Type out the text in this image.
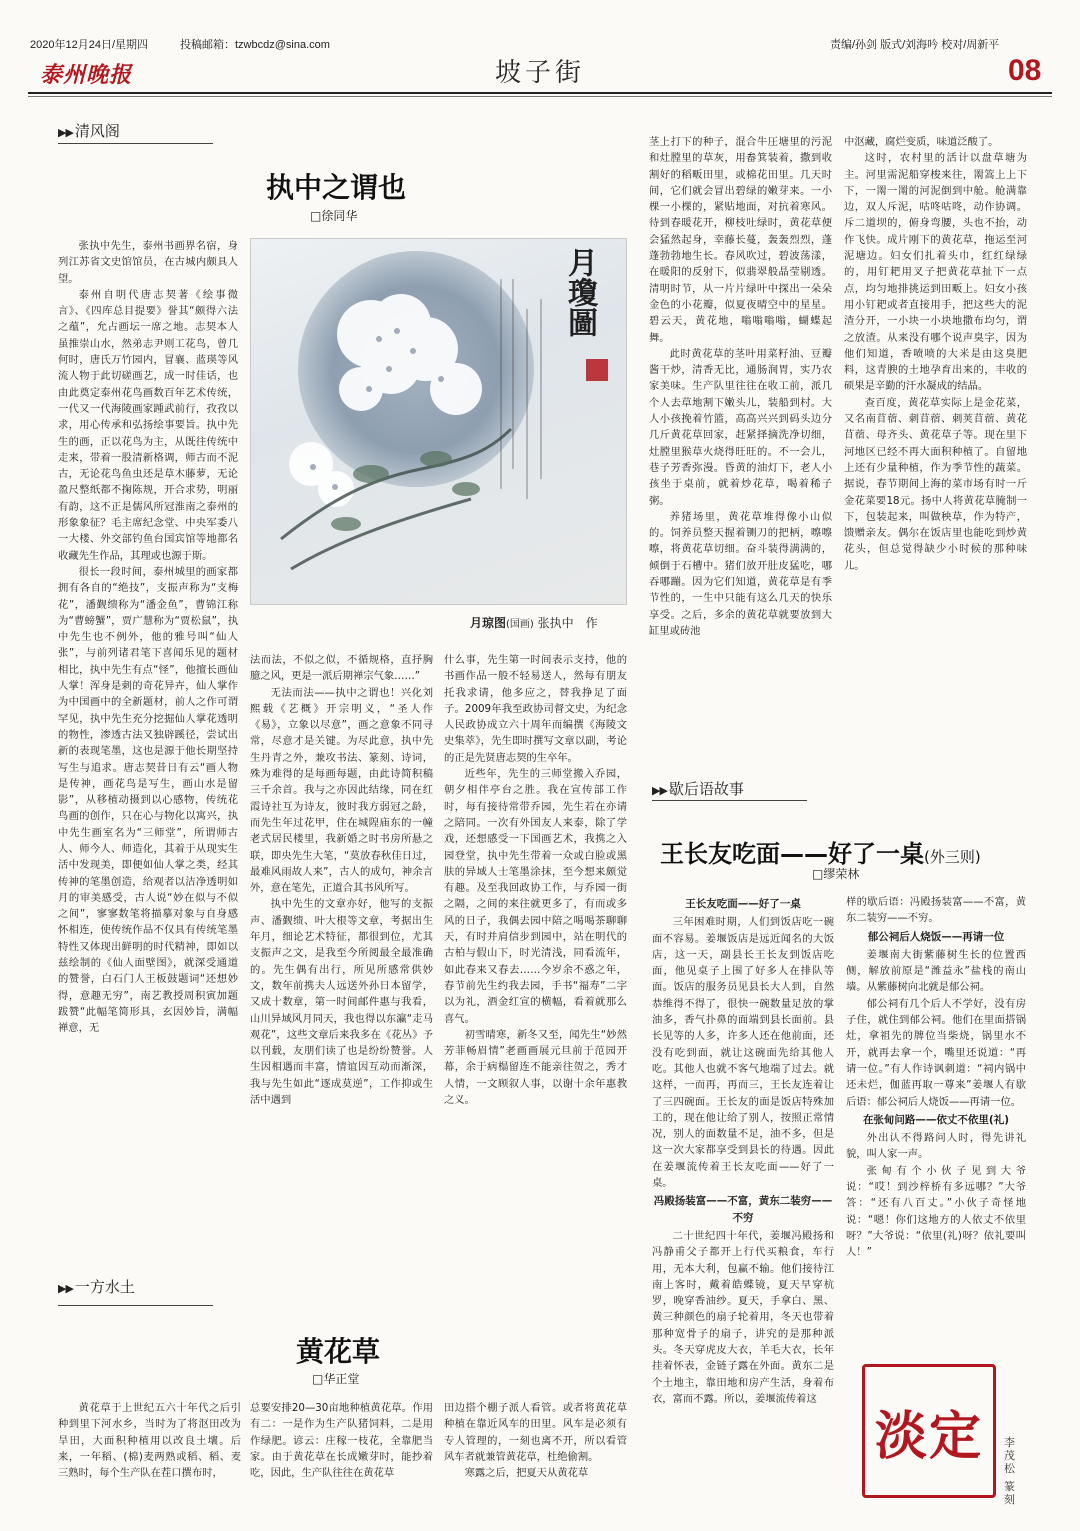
2020年12月24日/星期四	投稿邮箱：tzwbcdz@sina.com
泰州晚报	坡子街
责编/孙剑 版式/刘海吟 校对/周新平
08
▶▶ 清风阁
执中之谓也
□徐同华
月瓊圖
月琼图(国画) 张执中　作

张执中先生，泰州书画界名宿，身列江苏省文史馆馆员，在古城内颇具人望。

泰州自明代唐志契著《绘事微言》、《四库总目提要》誉其“颇得六法之蕴”，允占画坛一席之地。志契本人虽推崇山水，然弟志尹则工花鸟，曾几何时，唐氏万竹园内，冒襄、蓝瑛等风流人物于此切磋画艺，成一时佳话，也由此奠定泰州花鸟画数百年艺术传统，一代又一代海陵画家踵武前行，孜孜以求，用心传承和弘扬绘事要旨。执中先生的画，正以花鸟为主，从既往传统中走来，带着一股清新格调，师古而不泥古，无论花鸟鱼虫还是草木藤萝，无论盈尺整纸都不掬陈规，开合求势，明丽有韵，这不正是儒风所冠淮南之泰州的形象象征？毛主席纪念堂、中央军委八一大楼、外交部钓鱼台国宾馆等地都名收藏先生作品，其理或也源于斯。

很长一段时间，泰州城里的画家都拥有各自的“绝技”，支振声称为“支梅花”，潘觐缋称为“潘金鱼”，曹锦江称为“曹螃蟹”，贾广慧称为“贾松鼠”，执中先生也不例外，他的雅号叫“仙人张”，与前列诸君笔下喜闻乐见的题材相比，执中先生有点“怪”，他擅长画仙人掌！浑身是刺的奇花异卉，仙人掌作为中国画中的全新题材，前人之作可谓罕见，执中先生充分挖掘仙人掌花透明的物性，渗透古法又独辟蹊径，尝试出新的表现笔墨，这也是源于他长期坚持写生与追求。唐志契昔日有云“画人物是传神，画花鸟是写生，画山水是留影”，从移植动摄到以心感物，传统花鸟画的创作，只在心与物化以寓兴，执中先生画室名为“三师堂”，所谓师古人、师今人、师造化，其着于从现实生活中发现美，即便如仙人掌之类，经其传神的笔墨创造，给观者以洁净透明如月的审美感受，古人说“妙在似与不似之间”，寥寥数笔将描摹对象与自身感怀相连，使传统作品不仅具有传统笔墨特性又体现出鲜明的时代精神，即如以兹绘制的《仙人面壁图》，就深受通道的赞誉，白石门人王板鼓题词“还想妙得，意趣无穷”，南艺教授周积寅加题跋赞“此幅笔简形具，玄因妙旨，满幅禅意，无

法而法，不似之似，不循规格，直抒胸臆之风，更是一派后期禅宗气象……”

无法而法——执中之谓也！兴化刘熙载《艺概》开宗明义，“圣人作《易》，立象以尽意”，画之意象不同寻常，尽意才是关键。为尽此意，执中先生丹青之外，兼攻书法、篆刻、诗词，殊为难得的是每画每题，由此诗简积稿三千余首。我与之亦因此结缘，同在红霞诗社互为诗友，彼时我方弱冠之龄，而先生年过花甲，住在城隍庙东的一幢老式居民楼里，我新婚之时书房所悬之联，即央先生大笔，“莫放春秋佳日过，最难风雨故人来”，古人的成句，神余言外，意在笔先，正道合其书风所写。

执中先生的文章亦好，他写的支振声、潘觐缋、叶大根等文章，考据出生年月，细论艺术特征，都很到位，尤其支振声之文，是我至今所阅最全最准确的。先生偶有出行，所见所感常供妙文，数年前携夫人远送外孙日本留学，又成十数章，第一时间邮件惠与我看，山川异域风月同天，我也得以东瀛“走马观花”，这些文章后来我多在《花丛》予以刊载，友朋们读了也是纷纷赞誉。人生因相遇而丰富，情谊因互动而渐深，我与先生如此“逐成莫逆”，工作抑或生活中遇到

什么事，先生第一时间表示支持，他的书画作品一般不轻易送人，然每有朋友托我求请，他多应之，替我挣足了面子。2009年我至政协司督文史，为纪念人民政协成立六十周年而编撰《海陵文史集萃》，先生即时撰写文章以副，考论的正是先贤唐志契的生卒年。

近些年，先生的三师堂搬入乔园，朝夕相伴亭台之胜。我在宣传部工作时，每有接待常带乔园，先生若在亦请之陪同。一次有外国友人来泰，除了学戏，还想感受一下国画艺术，我携之入园登堂，执中先生带着一众或白脸或黑肤的异域人士笔墨涂抹，至今想来颇觉有趣。及至我回政协工作，与乔园一街之隔，之间的来往就更多了，有而或多风的日子，我偶去园中陪之喝喝茶聊聊天，有时并肩信步到园中，站在明代的古柏与假山下，时光清浅，同看流年，如此春来又春去……今岁余不惑之年，春节前先生约我去园，手书“福寿”二字以为礼，酒金红宣的横幅，看着就那么喜气。

初雪晴寒，新冬又至，闻先生“妙然芳菲畅眉情”老画画展元旦前于范园开幕，余于病榻留连不能亲往贺之，秀才人情，一文顾叙人事，以谢十余年惠教之义。

茎上打下的种子，混合牛圧塘里的污泥和灶膛里的草灰，用畚箕装着，撒到收割好的稻畈田里，或棉花田里。几天时间，它们就会冒出碧绿的嫩芽来。一小棵一小棵的，紧贴地面，对抗着寒风。待到春暖花开，柳枝吐绿时，黄花草便会猛然起身，幸藤长蔓，轰轰烈烈，蓬蓬勃勃地生长。春风吹过，碧波荡漾，在暖阳的反射下，似翡翠般晶莹剔透。清明时节，从一片片绿叶中探出一朵朵金色的小花瓣，似夏夜晴空中的星星。碧云天，黄花地，嗡嗡嗡嗡，蝴蝶起舞。

此时黄花草的茎叶用菜籽油、豆瓣酱干炒，清香无比，通肠润胃，实乃农家美味。生产队里往往在收工前，派几个人去草地割下嫩头儿，装船到村。大人小孩挽着竹篮，高高兴兴到码头边分几斤黄花草回家，赶紧择摘洗净切细，灶膛里猴草火烧得旺旺的。不一会儿，巷子芳香弥漫。昏黄的油灯下，老人小孩坐于桌前，就着炒花草，喝着稀子粥。

养猪场里，黄花草堆得像小山似的。饲养员整天握着铡刀的把柄，嚓嚓嚓，将黄花草切细。奋斗装得满满的，倾倒于石槽中。猪们放开肚皮猛吃，哪吞哪蹦。因为它们知道，黄花草是有季节性的，一生中只能有这么几天的快乐享受。之后，多余的黄花草就要放到大缸里或砖池

中沤藏，腐烂变质，味道泛酸了。

这时，农村里的活计以盘草塘为主。河里需泥船穿梭来往，罱篙上上下下，一罱一罱的河泥倒到中舱。舱满靠边，双人斥泥，咕咚咕咚，动作协调。斥二道坝的，俯身弯腰，头也不抬，动作飞快。成片刚下的黄花草，拖运至河泥塘边。妇女们扎着头巾，红红绿绿的，用钉耙用叉子把黄花草扯下一点点，均匀地排挑运到田畈上。妇女小孩用小钉耙或者直接用手，把这些大的泥渣分开，一小块一小块地撒布均匀，谓之放渣。从来没有哪个说声臭字，因为他们知道，香喷喷的大米是由这臭肥料，这青腴的土地孕育出来的，丰收的硕果是辛勤的汗水凝成的结晶。

查百度，黄花草实际上是金花菜，又名南苜蓿、刺苜蓿、刺荚苜蓿、黄花苜蓿、母齐头、黄花草子等。现在里下河地区已经不再大面积种植了。自留地上还有少量种植，作为季节性的蔬菜。据说，春节期间上海的菜市场有时一斤金花菜要18元。扬中人将黄花草腌制一下，包装起来，叫做秧草，作为特产，馈赠亲友。偶尔在饭店里也能吃到炒黄花头，但总觉得缺少小时候的那种味儿。

▶▶ 一方水土
黄花草
□华正堂

黄花草于上世纪五六十年代之后引种到里下河水乡，当时为了将沤田改为旱田，大面积种植用以改良土壤。后来，一年稻、(棉)麦两熟或稻、稻、麦三熟时，每个生产队在茬口撰布时，

总要安排20—30亩地种植黄花草。作用有二：一是作为生产队猪饲料，二是用作绿肥。谚云：庄稼一枝花，全靠肥当家。由于黄花草在长成嫩芽时，能抄着吃，因此，生产队往往在黄花草

田边搭个棚子派人看管。或者将黄花草种植在靠近风车的田里。风车是必须有专人管理的，一刻也离不开，所以看管风车者就兼管黄花草，杜绝偷割。

寒露之后，把夏天从黄花草

▶▶ 歇后语故事
王长友吃面——好了一桌(外三则)
□缪荣林
王长友吃面——好了一桌

三年困难时期，人们到饭店吃一碗面不容易。姜堰饭店是远近闻名的大饭店，这一天，副县长王长友到饭店吃面，他见桌子上围了好多人在排队等面。饭店的服务员见县长大人到，自然恭维得不得了，很快一碗数量足放的掌油多，香气扑鼻的面端到县长面前。县长见等的人多，许多人还在他前面，还没有吃到面，就让这碗面先给其他人吃。其他人也就不客气地端了过去。就这样，一而再，再而三，王长友连着让了三四碗面。王长友的面是饭店特殊加工的，现在他让给了别人，按照正常情况，别人的面数量不足，油不多，但是这一次大家都享受到县长的待遇。因此在姜堰流传着王长友吃面——好了一桌。

冯殿扬装富——不富，黄东二装穷——不穷

二十世纪四十年代，姜堰冯殿扬和冯静甫父子都开上行代买粮食，车行用，无本大利，包赢不输。他们接待江南上客时，戴着皓蝶镜，夏天早穿杭罗，晚穿香油纱。夏天，手拿白、黑、黄三种颜色的扇子轮着用，冬天也带着那种宽骨子的扇子，讲究的是那种派头。冬天穿虎皮大衣，羊毛大衣，长年挂着怀表，金链子露在外面。黄东二是个土地主，靠田地和房产生活，身着布衣，富而不露。所以，姜堰流传着这

样的歇后语：冯殿扬装富——不富，黄东二装穷——不穷。

郁公祠后人烧饭——再请一位

姜堰南大街紫藤树生长的位置西侧，解放前原是“潍益永”盐栈的南山墙。从紫藤树向北就是郁公祠。

郁公祠有几个后人不学好，没有房子住，就住到郁公祠。他们在里面搭锅灶，拿祖先的牌位当柴烧，锅里水不开，就再去拿一个，嘴里还说道：“再请一位。”有人作诗讽刺道：“祠内锅中还未烂，伽蓝再取一尊来”姜堰人有歇后语：郁公祠后人烧饭——再请一位。

在张甸问路——依丈不依里(礼)

外出认不得路问人时，得先讲礼貌，叫人家一声。

张甸有个小伙子见到大爷说：“哎！到沙梓桥有多远哪？”大爷答：“还有八百丈。”小伙子奇怪地说：“嗯！你们这地方的人依丈不依里呀？”大爷说：“依里(礼)呀？依礼要叫人！”

淡定 李茂松
篆刻
